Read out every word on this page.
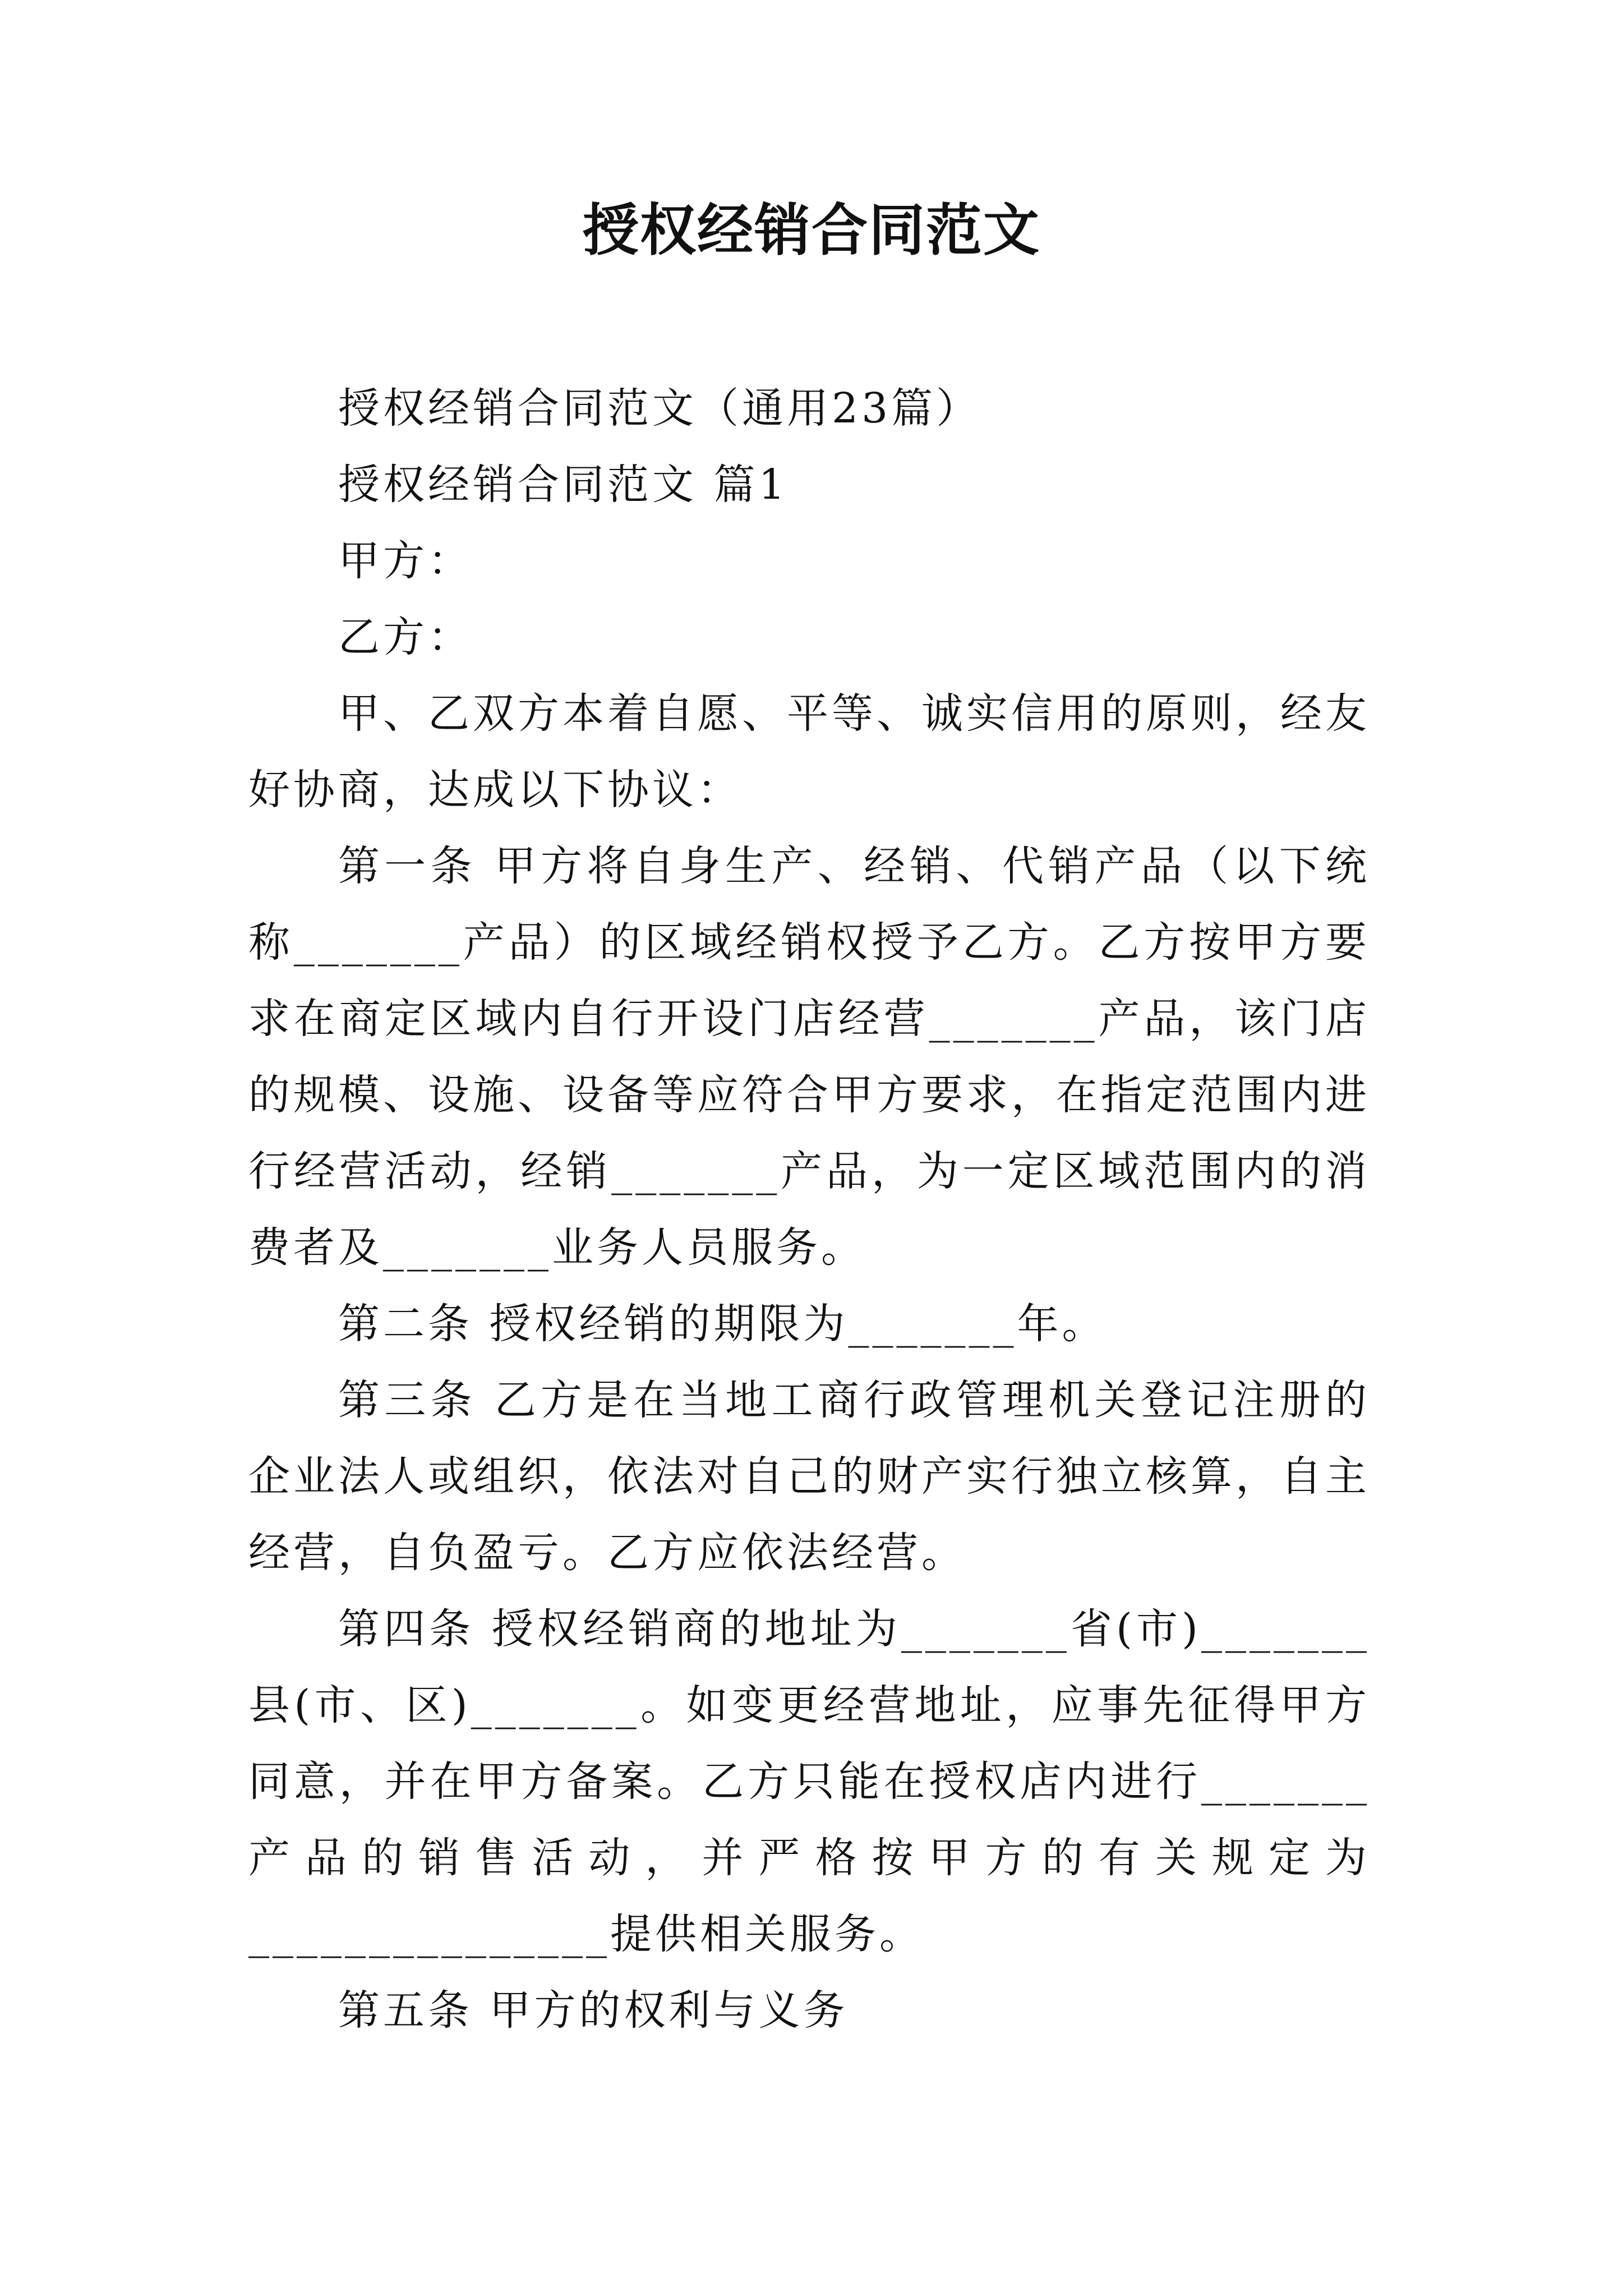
授权经销合同范文

授权经销合同范文（通用23篇）

授权经销合同范文 篇1

甲方：

乙方：

甲、乙双方本着自愿、平等、诚实信用的原则，经友好协商，达成以下协议：

第一条 甲方将自身生产、经销、代销产品（以下统称_______产品）的区域经销权授予乙方。乙方按甲方要求在商定区域内自行开设门店经营_______产品，该门店的规模、设施、设备等应符合甲方要求，在指定范围内进行经营活动，经销_______产品，为一定区域范围内的消费者及_______业务人员服务。

第二条 授权经销的期限为_______年。

第三条 乙方是在当地工商行政管理机关登记注册的企业法人或组织，依法对自己的财产实行独立核算，自主经营，自负盈亏。乙方应依法经营。

第四条 授权经销商的地址为_______省(市)_______县(市、区)_______。如变更经营地址，应事先征得甲方同意，并在甲方备案。乙方只能在授权店内进行_______产品的销售活动，并严格按甲方的有关规定为_______________提供相关服务。

第五条 甲方的权利与义务
